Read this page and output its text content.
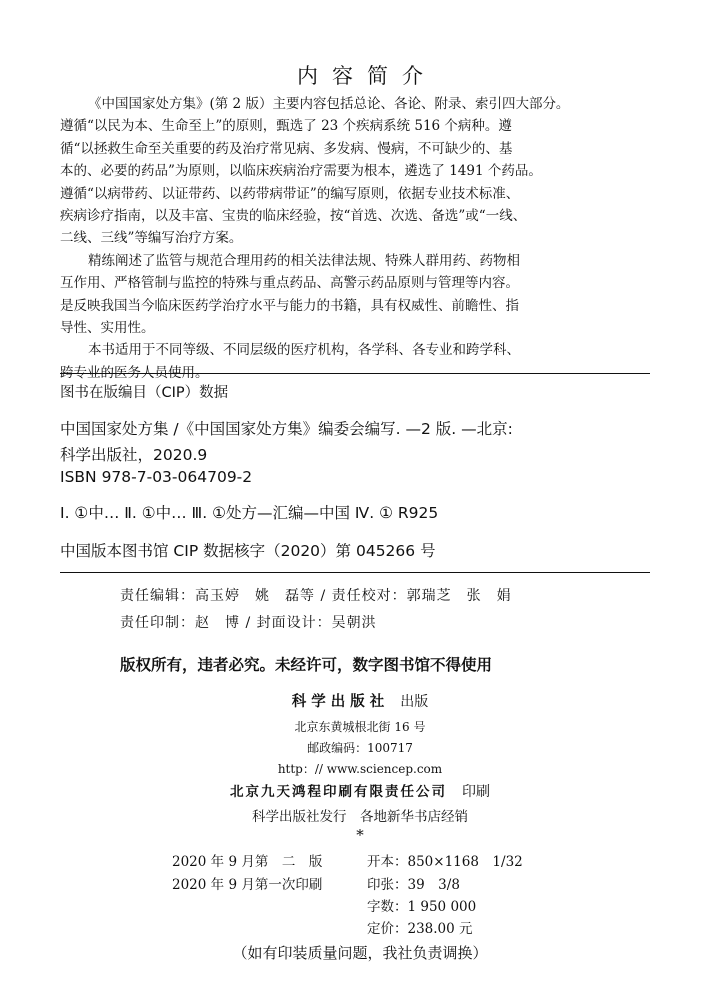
内容简介

《中国国家处方集》(第 2 版）主要内容包括总论、各论、附录、索引四大部分。

遵循“以民为本、生命至上”的原则，甄选了 23 个疾病系统 516 个病种。遵

循“以拯救生命至关重要的药及治疗常见病、多发病、慢病，不可缺少的、基

本的、必要的药品”为原则，以临床疾病治疗需要为根本，遴选了 1491 个药品。

遵循“以病带药、以证带药、以药带病带证”的编写原则，依据专业技术标准、

疾病诊疗指南，以及丰富、宝贵的临床经验，按“首选、次选、备选”或“一线、

二线、三线”等编写治疗方案。

精练阐述了监管与规范合理用药的相关法律法规、特殊人群用药、药物相

互作用、严格管制与监控的特殊与重点药品、高警示药品原则与管理等内容。

是反映我国当今临床医药学治疗水平与能力的书籍，具有权威性、前瞻性、指

导性、实用性。

本书适用于不同等级、不同层级的医疗机构，各学科、各专业和跨学科、

跨专业的医务人员使用。

图书在版编目（CIP）数据
中国国家处方集 /《中国国家处方集》编委会编写. —2 版. —北京:
科学出版社，2020.9
ISBN 978-7-03-064709-2
Ⅰ. ①中… Ⅱ. ①中… Ⅲ. ①处方—汇编—中国 Ⅳ. ① R925
中国版本图书馆 CIP 数据核字（2020）第 045266 号
责任编辑：高玉婷　姚　磊等 / 责任校对：郭瑞芝　张　娟
责任印制：赵　博 / 封面设计：吴朝洪
版权所有，违者必究。未经许可，数字图书馆不得使用
科学出版社 出版
北京东黄城根北街 16 号
邮政编码：100717
http：// www.sciencep.com
北京九天鸿程印刷有限责任公司 印刷
科学出版社发行　各地新华书店经销
*
2020 年 9 月第　二　版	开本：850×1168　1/32
2020 年 9 月第一次印刷	印张：39　3/8
字数：1 950 000
定价：238.00 元
（如有印装质量问题，我社负责调换）
